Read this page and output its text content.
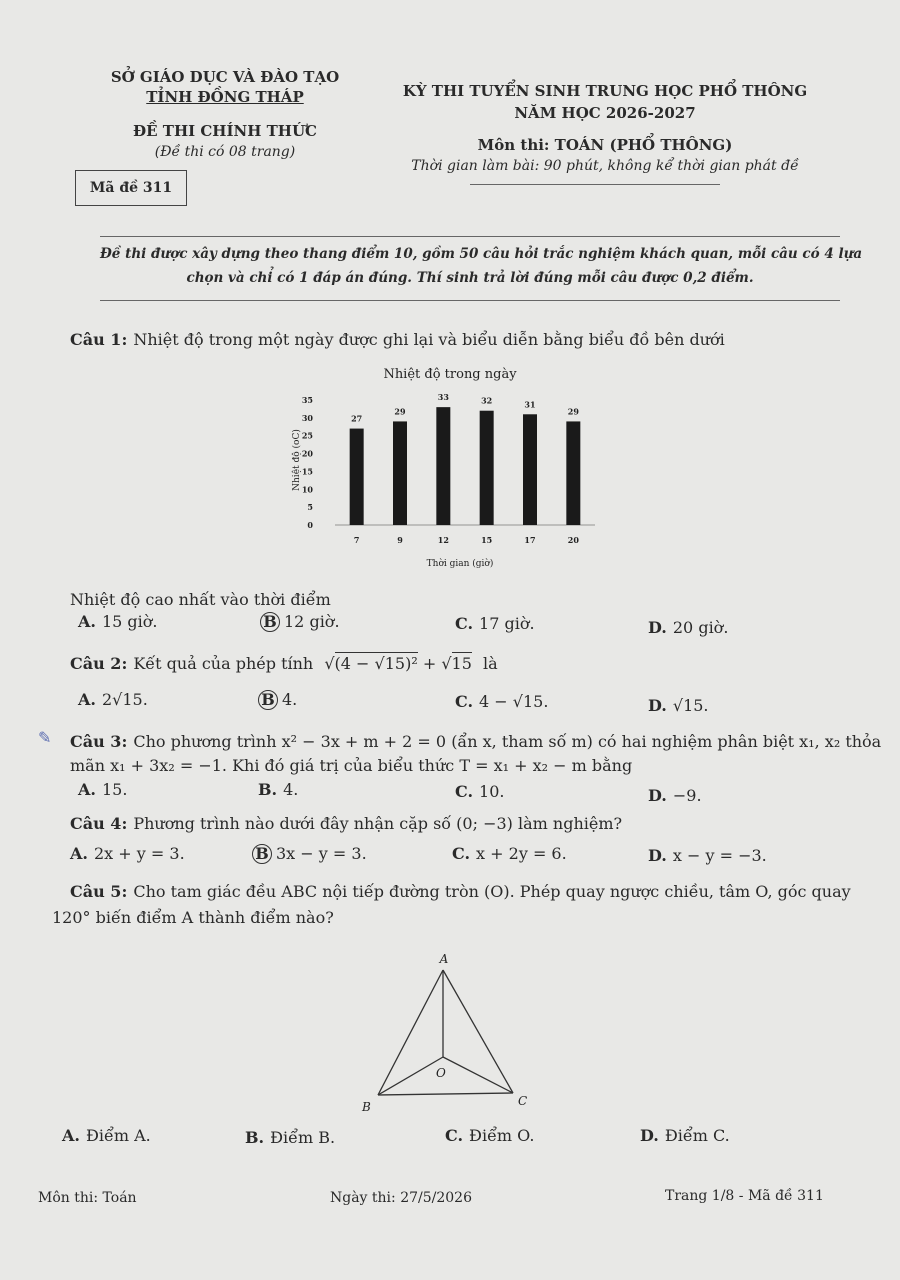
SỞ GIÁO DỤC VÀ ĐÀO TẠO
TỈNH ĐỒNG THÁP
ĐỀ THI CHÍNH THỨC
(Đề thi có 08 trang)
Mã đề 311
KỲ THI TUYỂN SINH TRUNG HỌC PHỔ THÔNG
NĂM HỌC 2026-2027
Môn thi: TOÁN (PHỔ THÔNG)
Thời gian làm bài: 90 phút, không kể thời gian phát đề
Đề thi được xây dựng theo thang điểm 10, gồm 50 câu hỏi trắc nghiệm khách quan, mỗi câu có 4 lựa
chọn và chỉ có 1 đáp án đúng. Thí sinh trả lời đúng mỗi câu được 0,2 điểm.
Câu 1: Nhiệt độ trong một ngày được ghi lại và biểu diễn bằng biểu đồ bên dưới
Nhiệt độ trong ngày
Nhiệt độ (oC)
Thời gian (giờ)
0
5
10
15
20
25
30
35
7	9	12	15	17	20
27
29
33	32	31
29
Nhiệt độ cao nhất vào thời điểm
A. 15 giờ.	B 12 giờ.	C. 17 giờ.	D. 20 giờ.
Câu 2: Kết quả của phép tính √(4 − √15)² + √15 là
A. 2√15.	B 4.	C. 4 − √15.	D. √15.
✎ Câu 3: Cho phương trình x² − 3x + m + 2 = 0 (ẩn x, tham số m) có hai nghiệm phân biệt x₁, x₂ thỏa
mãn x₁ + 3x₂ = −1. Khi đó giá trị của biểu thức T = x₁ + x₂ − m bằng
A. 15.	B. 4.	C. 10.	D. −9.
Câu 4: Phương trình nào dưới đây nhận cặp số (0; −3) làm nghiệm?
A. 2x + y = 3.	B 3x − y = 3.	C. x + 2y = 6.	D. x − y = −3.
Câu 5: Cho tam giác đều ABC nội tiếp đường tròn (O). Phép quay ngược chiều, tâm O, góc quay
120° biến điểm A thành điểm nào?
A
B	C
O
A. Điểm A.	B. Điểm B.	C. Điểm O.	D. Điểm C.
Môn thi: Toán	Ngày thi: 27/5/2026	Trang 1/8 - Mã đề 311
